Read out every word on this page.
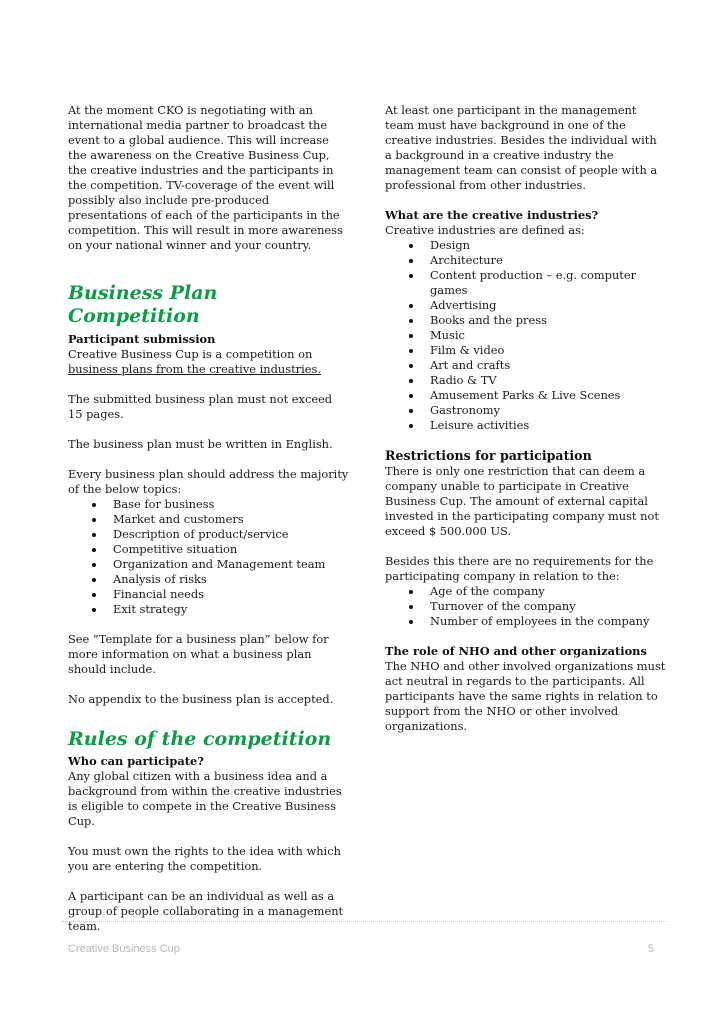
At the moment CKO is negotiating with an international media partner to broadcast the event to a global audience. This will increase the awareness on the Creative Business Cup, the creative industries and the participants in the competition. TV-coverage of the event will possibly also include pre-produced presentations of each of the participants in the competition. This will result in more awareness on your national winner and your country.

Business Plan Competition
Participant submission

Creative Business Cup is a competition on

business plans from the creative industries.

The submitted business plan must not exceed 15 pages.

The business plan must be written in English.

Every business plan should address the majority of the below topics:

Base for business
Market and customers
Description of product/service
Competitive situation
Organization and Management team
Analysis of risks
Financial needs
Exit strategy

See ”Template for a business plan” below for more information on what a business plan should include.

No appendix to the business plan is accepted.

Rules of the competition
Who can participate?

Any global citizen with a business idea and a background from within the creative industries is eligible to compete in the Creative Business Cup.

You must own the rights to the idea with which you are entering the competition.

A participant can be an individual as well as a group of people collaborating in a management team.

At least one participant in the management team must have background in one of the creative industries. Besides the individual with a background in a creative industry the management team can consist of people with a professional from other industries.

What are the creative industries?

Creative industries are defined as:

Design
Architecture
Content production – e.g. computer games
Advertising
Books and the press
Music
Film & video
Art and crafts
Radio & TV
Amusement Parks & Live Scenes
Gastronomy
Leisure activities
Restrictions for participation

There is only one restriction that can deem a company unable to participate in Creative Business Cup. The amount of external capital invested in the participating company must not exceed $ 500.000 US.

Besides this there are no requirements for the participating company in relation to the:

Age of the company
Turnover of the company
Number of employees in the company
The role of NHO and other organizations

The NHO and other involved organizations must act neutral in regards to the participants. All participants have the same rights in relation to support from the NHO or other involved organizations.

Creative Business Cup	5
